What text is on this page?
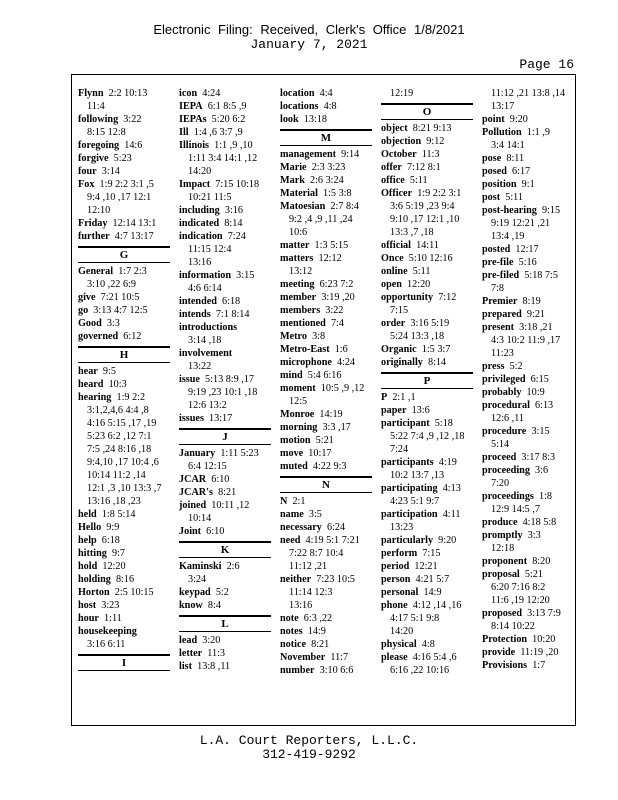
Electronic Filing: Received, Clerk's Office 1/8/2021
January 7, 2021
Page 16
Flynn 2:2 10:13
11:4
following 3:22
8:15 12:8
foregoing 14:6
forgive 5:23
four 3:14
Fox 1:9 2:2 3:1 ,5
9:4 ,10 ,17 12:1
12:10
Friday 12:14 13:1
further 4:7 13:17
G
General 1:7 2:3
3:10 ,22 6:9
give 7:21 10:5
go 3:13 4:7 12:5
Good 3:3
governed 6:12
H
hear 9:5
heard 10:3
hearing 1:9 2:2
3:1,2,4,6 4:4 ,8
4:16 5:15 ,17 ,19
5:23 6:2 ,12 7:1
7:5 ,24 8:16 ,18
9:4,10 ,17 10:4 ,6
10:14 11:2 ,14
12:1 ,3 ,10 13:3 ,7
13:16 ,18 ,23
held 1:8 5:14
Hello 9:9
help 6:18
hitting 9:7
hold 12:20
holding 8:16
Horton 2:5 10:15
host 3:23
hour 1:11
housekeeping
3:16 6:11
I
icon 4:24
IEPA 6:1 8:5 ,9
IEPAs 5:20 6:2
Ill 1:4 ,6 3:7 ,9
Illinois 1:1 ,9 ,10
1:11 3:4 14:1 ,12
14:20
Impact 7:15 10:18
10:21 11:5
including 3:16
indicated 8:14
indication 7:24
11:15 12:4
13:16
information 3:15
4:6 6:14
intended 6:18
intends 7:1 8:14
introductions
3:14 ,18
involvement
13:22
issue 5:13 8:9 ,17
9:19 ,23 10:1 ,18
12:6 13:2
issues 13:17
J
January 1:11 5:23
6:4 12:15
JCAR 6:10
JCAR's 8:21
joined 10:11 ,12
10:14
Joint 6:10
K
Kaminski 2:6
3:24
keypad 5:2
know 8:4
L
lead 3:20
letter 11:3
list 13:8 ,11
location 4:4
locations 4:8
look 13:18
M
management 9:14
Marie 2:3 3:23
Mark 2:6 3:24
Material 1:5 3:8
Matoesian 2:7 8:4
9:2 ,4 ,9 ,11 ,24
10:6
matter 1:3 5:15
matters 12:12
13:12
meeting 6:23 7:2
member 3:19 ,20
members 3:22
mentioned 7:4
Metro 3:8
Metro-East 1:6
microphone 4:24
mind 5:4 6:16
moment 10:5 ,9 ,12
12:5
Monroe 14:19
morning 3:3 ,17
motion 5:21
move 10:17
muted 4:22 9:3
N
N 2:1
name 3:5
necessary 6:24
need 4:19 5:1 7:21
7:22 8:7 10:4
11:12 ,21
neither 7:23 10:5
11:14 12:3
13:16
note 6:3 ,22
notes 14:9
notice 8:21
November 11:7
number 3:10 6:6
12:19
O
object 8:21 9:13
objection 9:12
October 11:3
offer 7:12 8:1
office 5:11
Officer 1:9 2:2 3:1
3:6 5:19 ,23 9:4
9:10 ,17 12:1 ,10
13:3 ,7 ,18
official 14:11
Once 5:10 12:16
online 5:11
open 12:20
opportunity 7:12
7:15
order 3:16 5:19
5:24 13:3 ,18
Organic 1:5 3:7
originally 8:14
P
P 2:1 ,1
paper 13:6
participant 5:18
5:22 7:4 ,9 ,12 ,18
7:24
participants 4:19
10:2 13:7 ,13
participating 4:13
4:23 5:1 9:7
participation 4:11
13:23
particularly 9:20
perform 7:15
period 12:21
person 4:21 5:7
personal 14:9
phone 4:12 ,14 ,16
4:17 5:1 9:8
14:20
physical 4:8
please 4:16 5:4 ,6
6:16 ,22 10:16
11:12 ,21 13:8 ,14
13:17
point 9:20
Pollution 1:1 ,9
3:4 14:1
pose 8:11
posed 6:17
position 9:1
post 5:11
post-hearing 9:15
9:19 12:21 ,21
13:4 ,19
posted 12:17
pre-file 5:16
pre-filed 5:18 7:5
7:8
Premier 8:19
prepared 9:21
present 3:18 ,21
4:3 10:2 11:9 ,17
11:23
press 5:2
privileged 6:15
probably 10:9
procedural 6:13
12:6 ,11
procedure 3:15
5:14
proceed 3:17 8:3
proceeding 3:6
7:20
proceedings 1:8
12:9 14:5 ,7
produce 4:18 5:8
promptly 3:3
12:18
proponent 8:20
proposal 5:21
6:20 7:16 8:2
11:6 ,19 12:20
proposed 3:13 7:9
8:14 10:22
Protection 10:20
provide 11:19 ,20
Provisions 1:7
L.A. Court Reporters, L.L.C.
312-419-9292
